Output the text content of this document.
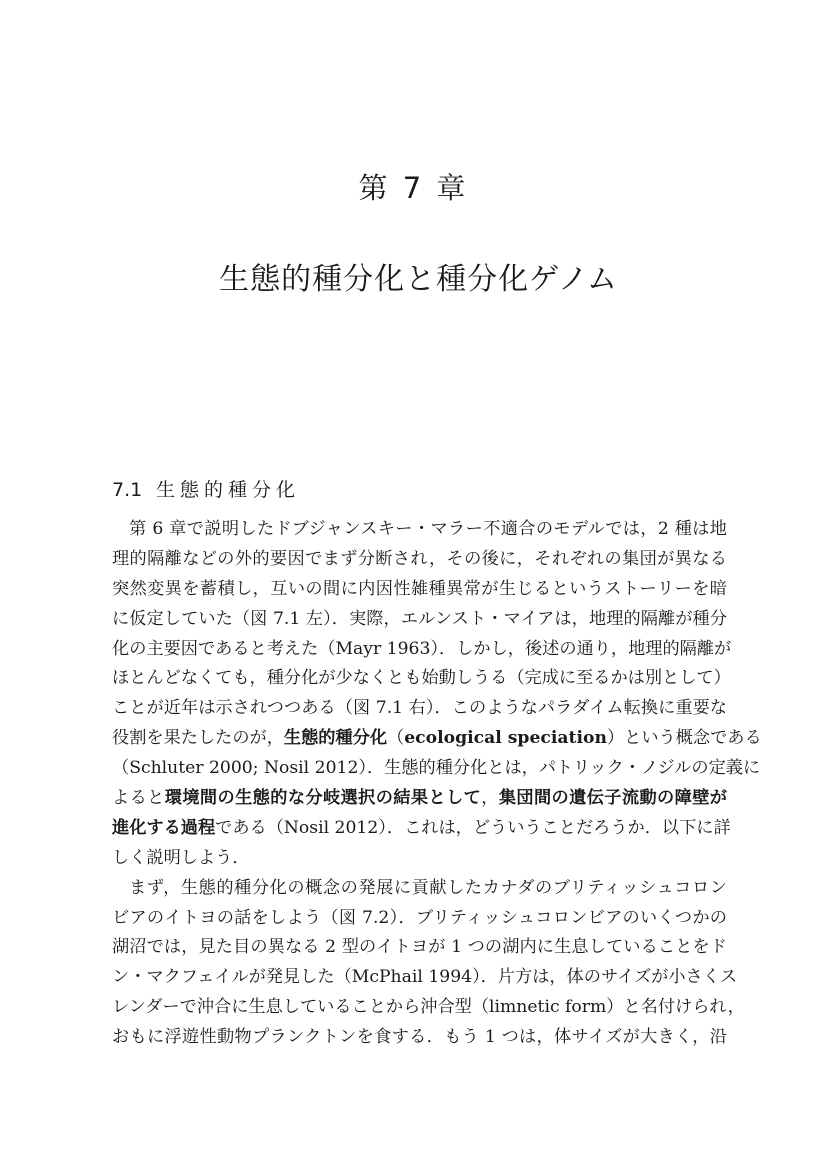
第 7 章
生態的種分化と種分化ゲノム
7.1 生態的種分化
第 6 章で説明したドブジャンスキー・マラー不適合のモデルでは，2 種は地
理的隔離などの外的要因でまず分断され，その後に，それぞれの集団が異なる
突然変異を蓄積し，互いの間に内因性雑種異常が生じるというストーリーを暗
に仮定していた（図 7.1 左）．実際，エルンスト・マイアは，地理的隔離が種分
化の主要因であると考えた（Mayr 1963）．しかし，後述の通り，地理的隔離が
ほとんどなくても，種分化が少なくとも始動しうる（完成に至るかは別として）
ことが近年は示されつつある（図 7.1 右）．このようなパラダイム転換に重要な
役割を果たしたのが，生態的種分化（ecological speciation）という概念である
（Schluter 2000; Nosil 2012）．生態的種分化とは，パトリック・ノジルの定義に
よると環境間の生態的な分岐選択の結果として，集団間の遺伝子流動の障壁が
進化する過程である（Nosil 2012）．これは，どういうことだろうか．以下に詳
しく説明しよう．
まず，生態的種分化の概念の発展に貢献したカナダのブリティッシュコロン
ビアのイトヨの話をしよう（図 7.2）．ブリティッシュコロンビアのいくつかの
湖沼では，見た目の異なる 2 型のイトヨが 1 つの湖内に生息していることをド
ン・マクフェイルが発見した（McPhail 1994）．片方は，体のサイズが小さくス
レンダーで沖合に生息していることから沖合型（limnetic form）と名付けられ，
おもに浮遊性動物プランクトンを食する．もう 1 つは，体サイズが大きく，沿
